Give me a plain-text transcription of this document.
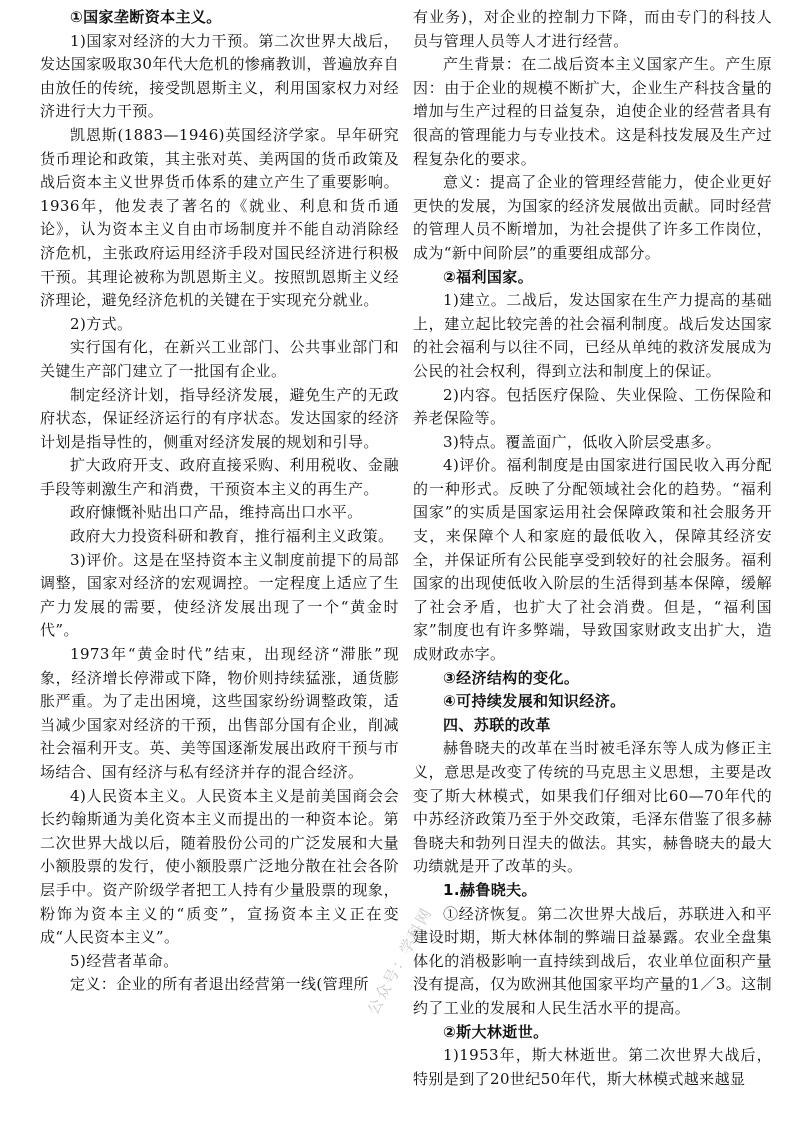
①国家垄断资本主义。

1)国家对经济的大力干预。第二次世界大战后，发达国家吸取30年代大危机的惨痛教训，普遍放弃自由放任的传统，接受凯恩斯主义，利用国家权力对经济进行大力干预。

凯恩斯(1883—1946)英国经济学家。早年研究货币理论和政策，其主张对英、美两国的货币政策及战后资本主义世界货币体系的建立产生了重要影响。1936年，他发表了著名的《就业、利息和货币通论》，认为资本主义自由市场制度并不能自动消除经济危机，主张政府运用经济手段对国民经济进行积极干预。其理论被称为凯恩斯主义。按照凯恩斯主义经济理论，避免经济危机的关键在于实现充分就业。

2)方式。

实行国有化，在新兴工业部门、公共事业部门和关键生产部门建立了一批国有企业。

制定经济计划，指导经济发展，避免生产的无政府状态，保证经济运行的有序状态。发达国家的经济计划是指导性的，侧重对经济发展的规划和引导。

扩大政府开支、政府直接采购、利用税收、金融手段等刺激生产和消费，干预资本主义的再生产。

政府慷慨补贴出口产品，维持高出口水平。

政府大力投资科研和教育，推行福利主义政策。

3)评价。这是在坚持资本主义制度前提下的局部调整，国家对经济的宏观调控。一定程度上适应了生产力发展的需要，使经济发展出现了一个“黄金时代”。

1973年“黄金时代”结束，出现经济“滞胀”现象，经济增长停滞或下降，物价则持续猛涨，通货膨胀严重。为了走出困境，这些国家纷纷调整政策，适当减少国家对经济的干预，出售部分国有企业，削减社会福利开支。英、美等国逐渐发展出政府干预与市场结合、国有经济与私有经济并存的混合经济。

4)人民资本主义。人民资本主义是前美国商会会长约翰斯通为美化资本主义而提出的一种资本论。第二次世界大战以后，随着股份公司的广泛发展和大量小额股票的发行，使小额股票广泛地分散在社会各阶层手中。资产阶级学者把工人持有少量股票的现象，粉饰为资本主义的“质变”，宣扬资本主义正在变成“人民资本主义”。

5)经营者革命。

定义：企业的所有者退出经营第一线(管理所

有业务)，对企业的控制力下降，而由专门的科技人员与管理人员等人才进行经营。

产生背景：在二战后资本主义国家产生。产生原因：由于企业的规模不断扩大，企业生产科技含量的增加与生产过程的日益复杂，迫使企业的经营者具有很高的管理能力与专业技术。这是科技发展及生产过程复杂化的要求。

意义：提高了企业的管理经营能力，使企业更好更快的发展，为国家的经济发展做出贡献。同时经营的管理人员不断增加，为社会提供了许多工作岗位，成为“新中间阶层”的重要组成部分。

②福利国家。

1)建立。二战后，发达国家在生产力提高的基础上，建立起比较完善的社会福利制度。战后发达国家的社会福利与以往不同，已经从单纯的救济发展成为公民的社会权利，得到立法和制度上的保证。

2)内容。包括医疗保险、失业保险、工伤保险和养老保险等。

3)特点。覆盖面广，低收入阶层受惠多。

4)评价。福利制度是由国家进行国民收入再分配的一种形式。反映了分配领域社会化的趋势。“福利国家”的实质是国家运用社会保障政策和社会服务开支，来保障个人和家庭的最低收入，保障其经济安全，并保证所有公民能享受到较好的社会服务。福利国家的出现使低收入阶层的生活得到基本保障，缓解了社会矛盾，也扩大了社会消费。但是，“福利国家”制度也有许多弊端，导致国家财政支出扩大，造成财政赤字。

③经济结构的变化。

④可持续发展和知识经济。

四、苏联的改革

赫鲁晓夫的改革在当时被毛泽东等人成为修正主义，意思是改变了传统的马克思主义思想，主要是改变了斯大林模式，如果我们仔细对比60—70年代的中苏经济政策乃至于外交政策，毛泽东借鉴了很多赫鲁晓夫和勃列日涅夫的做法。其实，赫鲁晓夫的最大功绩就是开了改革的头。

1.赫鲁晓夫。

①经济恢复。第二次世界大战后，苏联进入和平建设时期，斯大林体制的弊端日益暴露。农业全盘集体化的消极影响一直持续到战后，农业单位面积产量没有提高，仅为欧洲其他国家平均产量的1／3。这制约了工业的发展和人民生活水平的提高。

②斯大林逝世。

1)1953年，斯大林逝世。第二次世界大战后，特别是到了20世纪50年代，斯大林模式越来越显

公众号：学科网
